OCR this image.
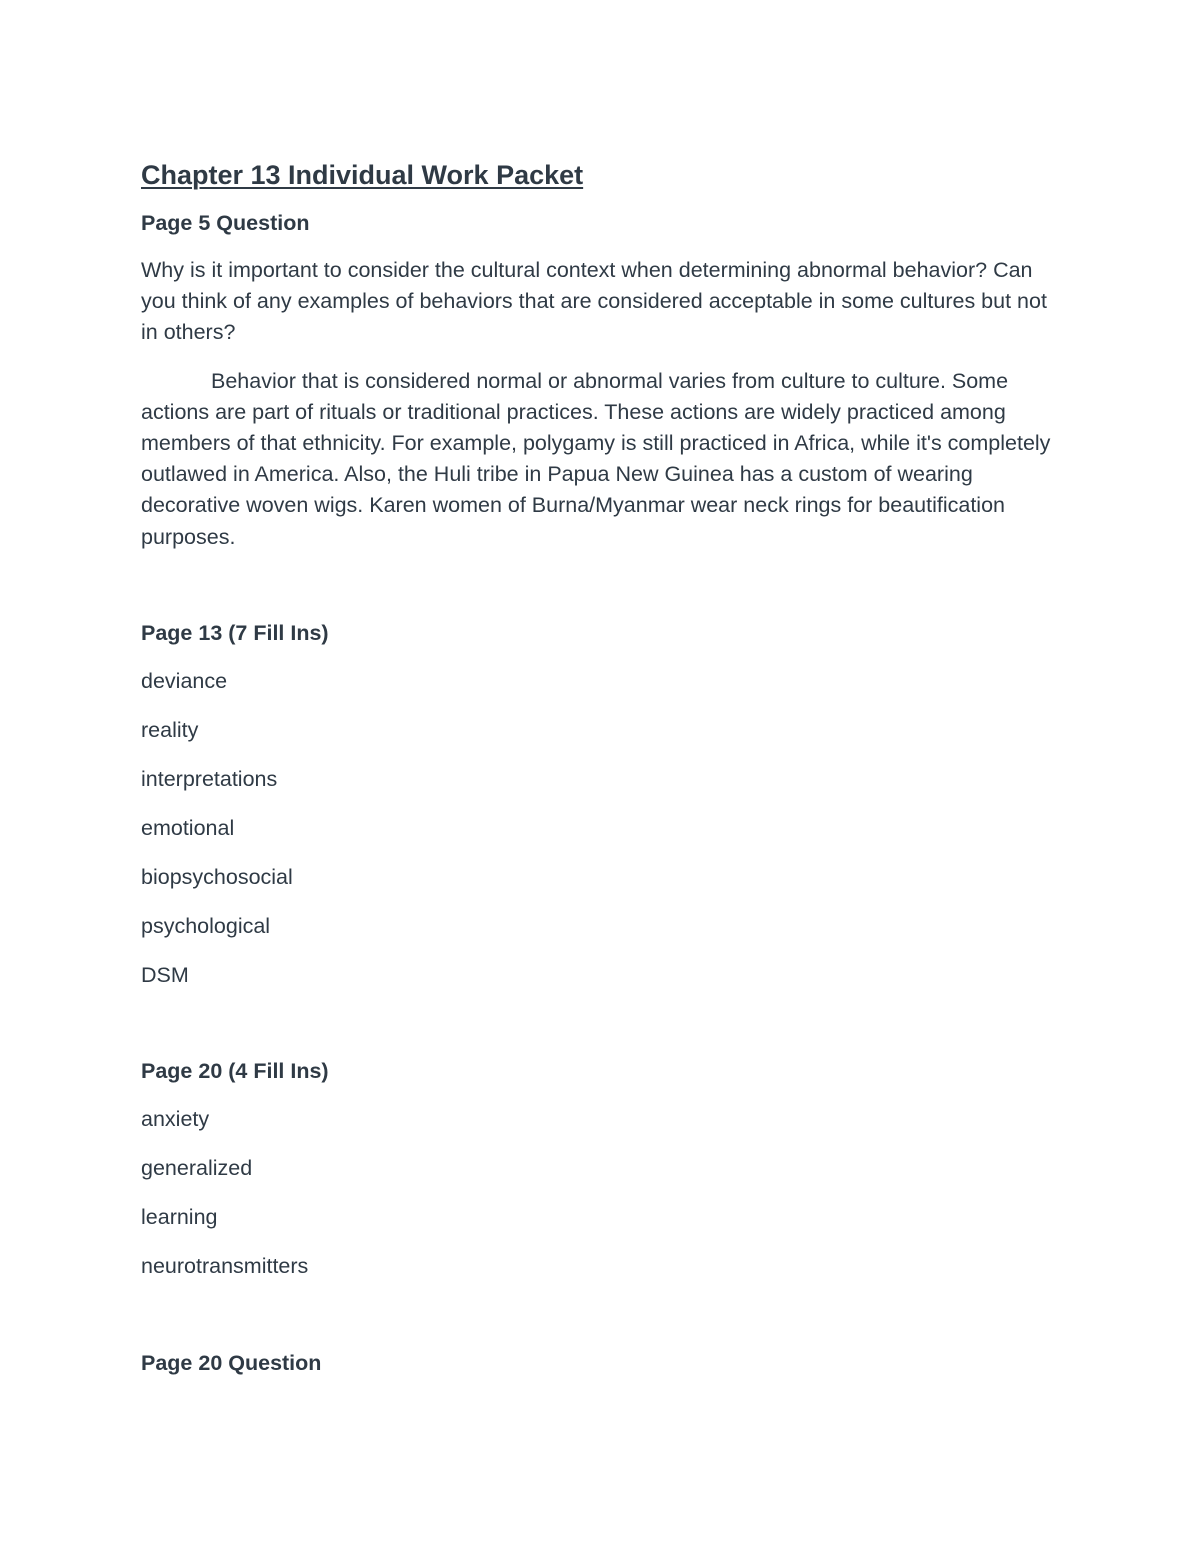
Chapter 13 Individual Work Packet
Page 5 Question

Why is it important to consider the cultural context when determining abnormal behavior? Can you think of any examples of behaviors that are considered acceptable in some cultures but not in others?

Behavior that is considered normal or abnormal varies from culture to culture. Some actions are part of rituals or traditional practices. These actions are widely practiced among members of that ethnicity. For example, polygamy is still practiced in Africa, while it's completely outlawed in America. Also, the Huli tribe in Papua New Guinea has a custom of wearing decorative woven wigs. Karen women of Burna/Myanmar wear neck rings for beautification purposes.

Page 13 (7 Fill Ins)

deviance

reality

interpretations

emotional

biopsychosocial

psychological

DSM

Page 20 (4 Fill Ins)

anxiety

generalized

learning

neurotransmitters

Page 20 Question
